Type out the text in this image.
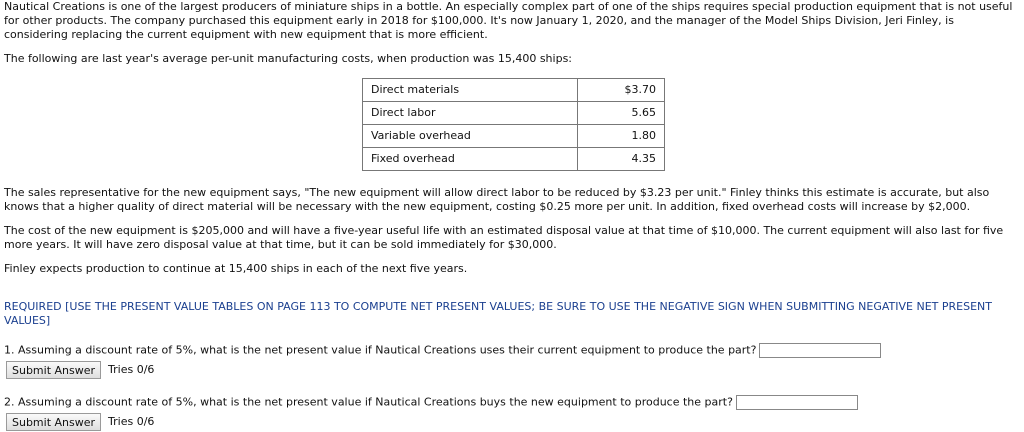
Nautical Creations is one of the largest producers of miniature ships in a bottle. An especially complex part of one of the ships requires special production equipment that is not useful for other products. The company purchased this equipment early in 2018 for $100,000. It's now January 1, 2020, and the manager of the Model Ships Division, Jeri Finley, is considering replacing the current equipment with new equipment that is more efficient.

The following are last year's average per-unit manufacturing costs, when production was 15,400 ships:

Direct materials	$3.70
Direct labor	5.65
Variable overhead	1.80
Fixed overhead	4.35

The sales representative for the new equipment says, "The new equipment will allow direct labor to be reduced by $3.23 per unit." Finley thinks this estimate is accurate, but also knows that a higher quality of direct material will be necessary with the new equipment, costing $0.25 more per unit. In addition, fixed overhead costs will increase by $2,000.

The cost of the new equipment is $205,000 and will have a five-year useful life with an estimated disposal value at that time of $10,000. The current equipment will also last for five more years. It will have zero disposal value at that time, but it can be sold immediately for $30,000.

Finley expects production to continue at 15,400 ships in each of the next five years.

REQUIRED [USE THE PRESENT VALUE TABLES ON PAGE 113 TO COMPUTE NET PRESENT VALUES; BE SURE TO USE THE NEGATIVE SIGN WHEN SUBMITTING NEGATIVE NET PRESENT VALUES]

1. Assuming a discount rate of 5%, what is the net present value if Nautical Creations uses their current equipment to produce the part?
Submit Answer	Tries 0/6
2. Assuming a discount rate of 5%, what is the net present value if Nautical Creations buys the new equipment to produce the part?
Submit Answer	Tries 0/6
